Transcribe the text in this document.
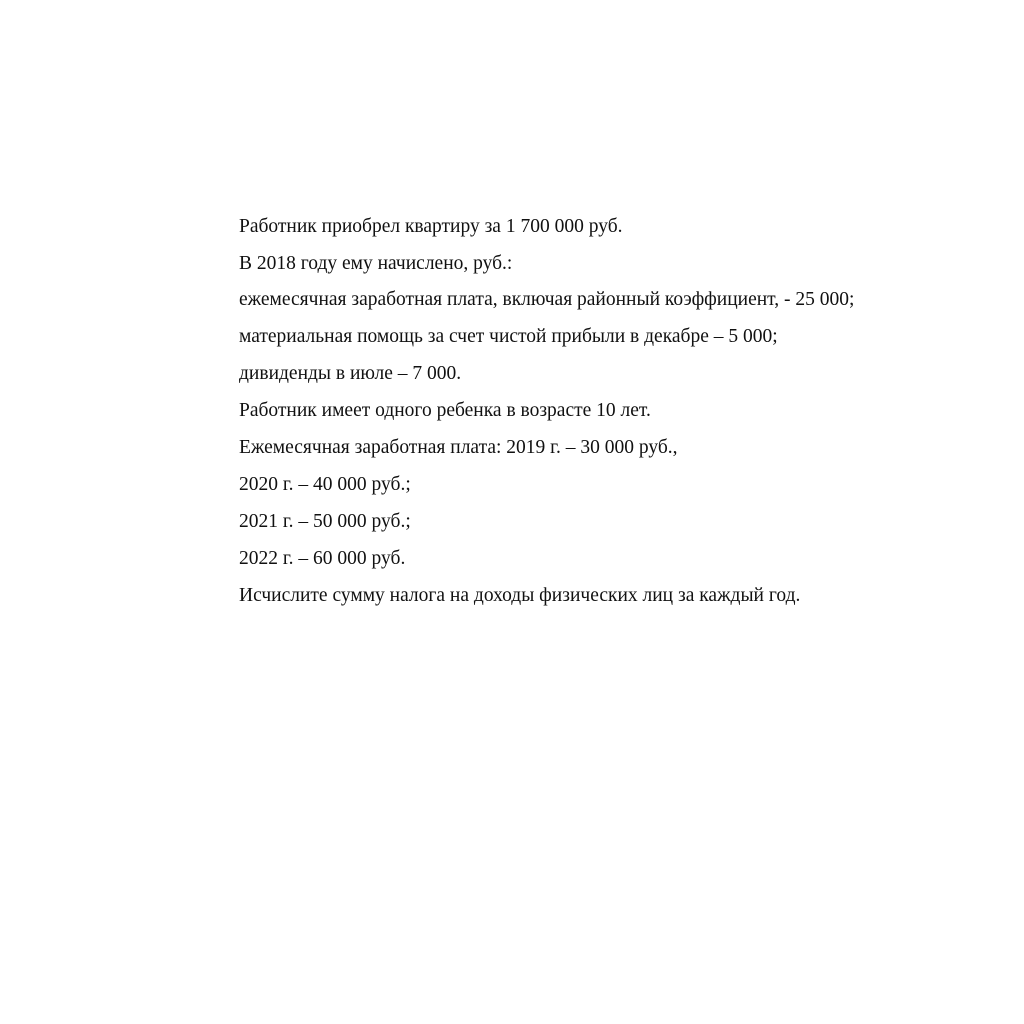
Работник приобрел квартиру за 1 700 000 руб.

В 2018 году ему начислено, руб.:

ежемесячная заработная плата, включая районный коэффициент, - 25 000;

материальная помощь за счет чистой прибыли в декабре – 5 000;

дивиденды в июле – 7 000.

Работник имеет одного ребенка в возрасте 10 лет.

Ежемесячная заработная плата: 2019 г. – 30 000 руб.,

2020 г. – 40 000 руб.;

2021 г. – 50 000 руб.;

2022 г. – 60 000 руб.

Исчислите сумму налога на доходы физических лиц за каждый год.
